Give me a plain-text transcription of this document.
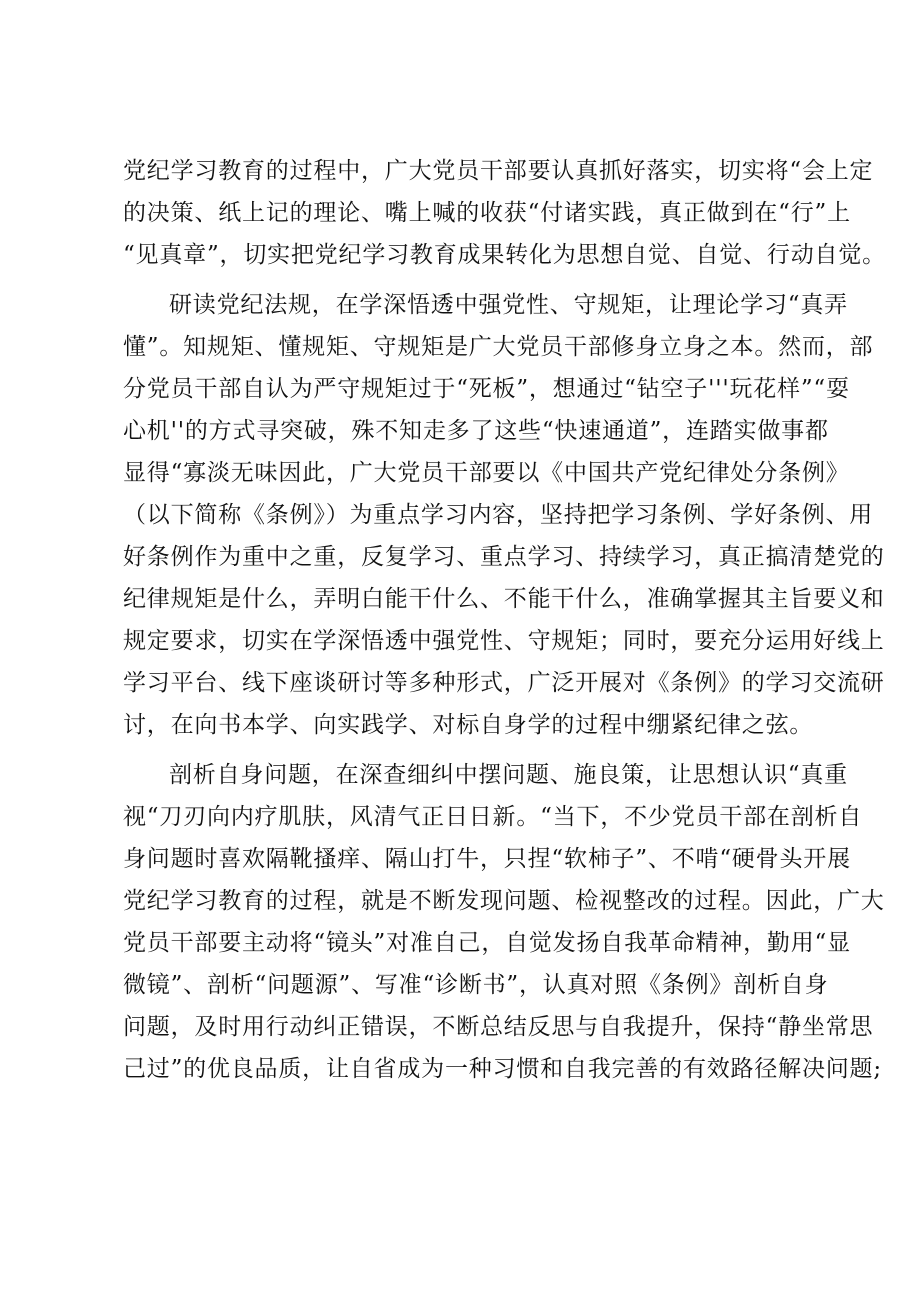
党纪学习教育的过程中，广大党员干部要认真抓好落实，切实将“会上定
的决策、纸上记的理论、嘴上喊的收获“付诸实践，真正做到在“行”上
“见真章”，切实把党纪学习教育成果转化为思想自觉、自觉、行动自觉。
研读党纪法规，在学深悟透中强党性、守规矩，让理论学习“真弄
懂”。知规矩、懂规矩、守规矩是广大党员干部修身立身之本。然而，部
分党员干部自认为严守规矩过于“死板”，想通过“钻空子'''玩花样”“耍
心机''的方式寻突破，殊不知走多了这些“快速通道”，连踏实做事都
显得“寡淡无味因此，广大党员干部要以《中国共产党纪律处分条例》
（以下简称《条例》）为重点学习内容，坚持把学习条例、学好条例、用
好条例作为重中之重，反复学习、重点学习、持续学习，真正搞清楚党的
纪律规矩是什么，弄明白能干什么、不能干什么，准确掌握其主旨要义和
规定要求，切实在学深悟透中强党性、守规矩；同时，要充分运用好线上
学习平台、线下座谈研讨等多种形式，广泛开展对《条例》的学习交流研
讨，在向书本学、向实践学、对标自身学的过程中绷紧纪律之弦。
剖析自身问题，在深查细纠中摆问题、施良策，让思想认识“真重
视“刀刃向内疗肌肤，风清气正日日新。“当下，不少党员干部在剖析自
身问题时喜欢隔靴搔痒、隔山打牛，只捏“软柿子”、不啃“硬骨头开展
党纪学习教育的过程，就是不断发现问题、检视整改的过程。因此，广大
党员干部要主动将“镜头”对准自己，自觉发扬自我革命精神，勤用“显
微镜”、剖析“问题源”、写准“诊断书”，认真对照《条例》剖析自身
问题，及时用行动纠正错误，不断总结反思与自我提升，保持“静坐常思
己过”的优良品质，让自省成为一种习惯和自我完善的有效路径解决问题;
